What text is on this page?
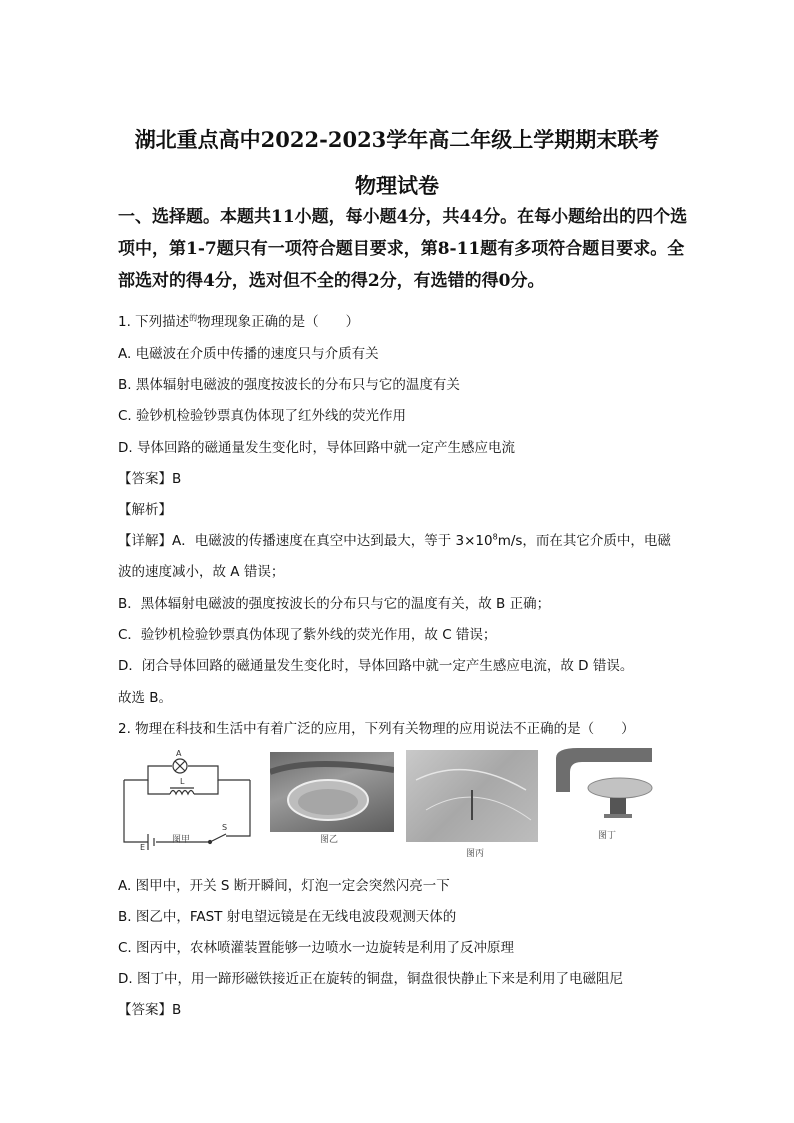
湖北重点高中2022-2023学年高二年级上学期期末联考
物理试卷
一、选择题。本题共11小题，每小题4分，共44分。在每小题给出的四个选项中，第1-7题只有一项符合题目要求，第8-11题有多项符合题目要求。全部选对的得4分，选对但不全的得2分，有选错的得0分。
1. 下列描述$^的$物理现象正确的是（　　）
A. 电磁波在介质中传播的速度只与介质有关
B. 黑体辐射电磁波的强度按波长的分布只与它的温度有关
C. 验钞机检验钞票真伪体现了红外线的荧光作用
D. 导体回路的磁通量发生变化时，导体回路中就一定产生感应电流
【答案】B
【解析】
【详解】A．电磁波的传播速度在真空中达到最大，等于 $3\times 10^8m/s$，而在其它介质中，电磁
波的速度减小，故 A 错误；
B．黑体辐射电磁波的强度按波长的分布只与它的温度有关，故 B 正确；
C．验钞机检验钞票真伪体现了紫外线的荧光作用，故 C 错误；
D．闭合导体回路的磁通量发生变化时，导体回路中就一定产生感应电流，故 D 错误。
故选 B。
2. 物理在科技和生活中有着广泛的应用，下列有关物理的应用说法不正确的是（　　）
A
L
S
E
图甲	图乙
图丙
图丁
A. 图甲中，开关 S 断开瞬间，灯泡一定会突然闪亮一下
B. 图乙中，FAST 射电望远镜是在无线电波段观测天体的
C. 图丙中，农林喷灌装置能够一边喷水一边旋转是利用了反冲原理
D. 图丁中，用一蹄形磁铁接近正在旋转的铜盘，铜盘很快静止下来是利用了电磁阻尼
【答案】B
